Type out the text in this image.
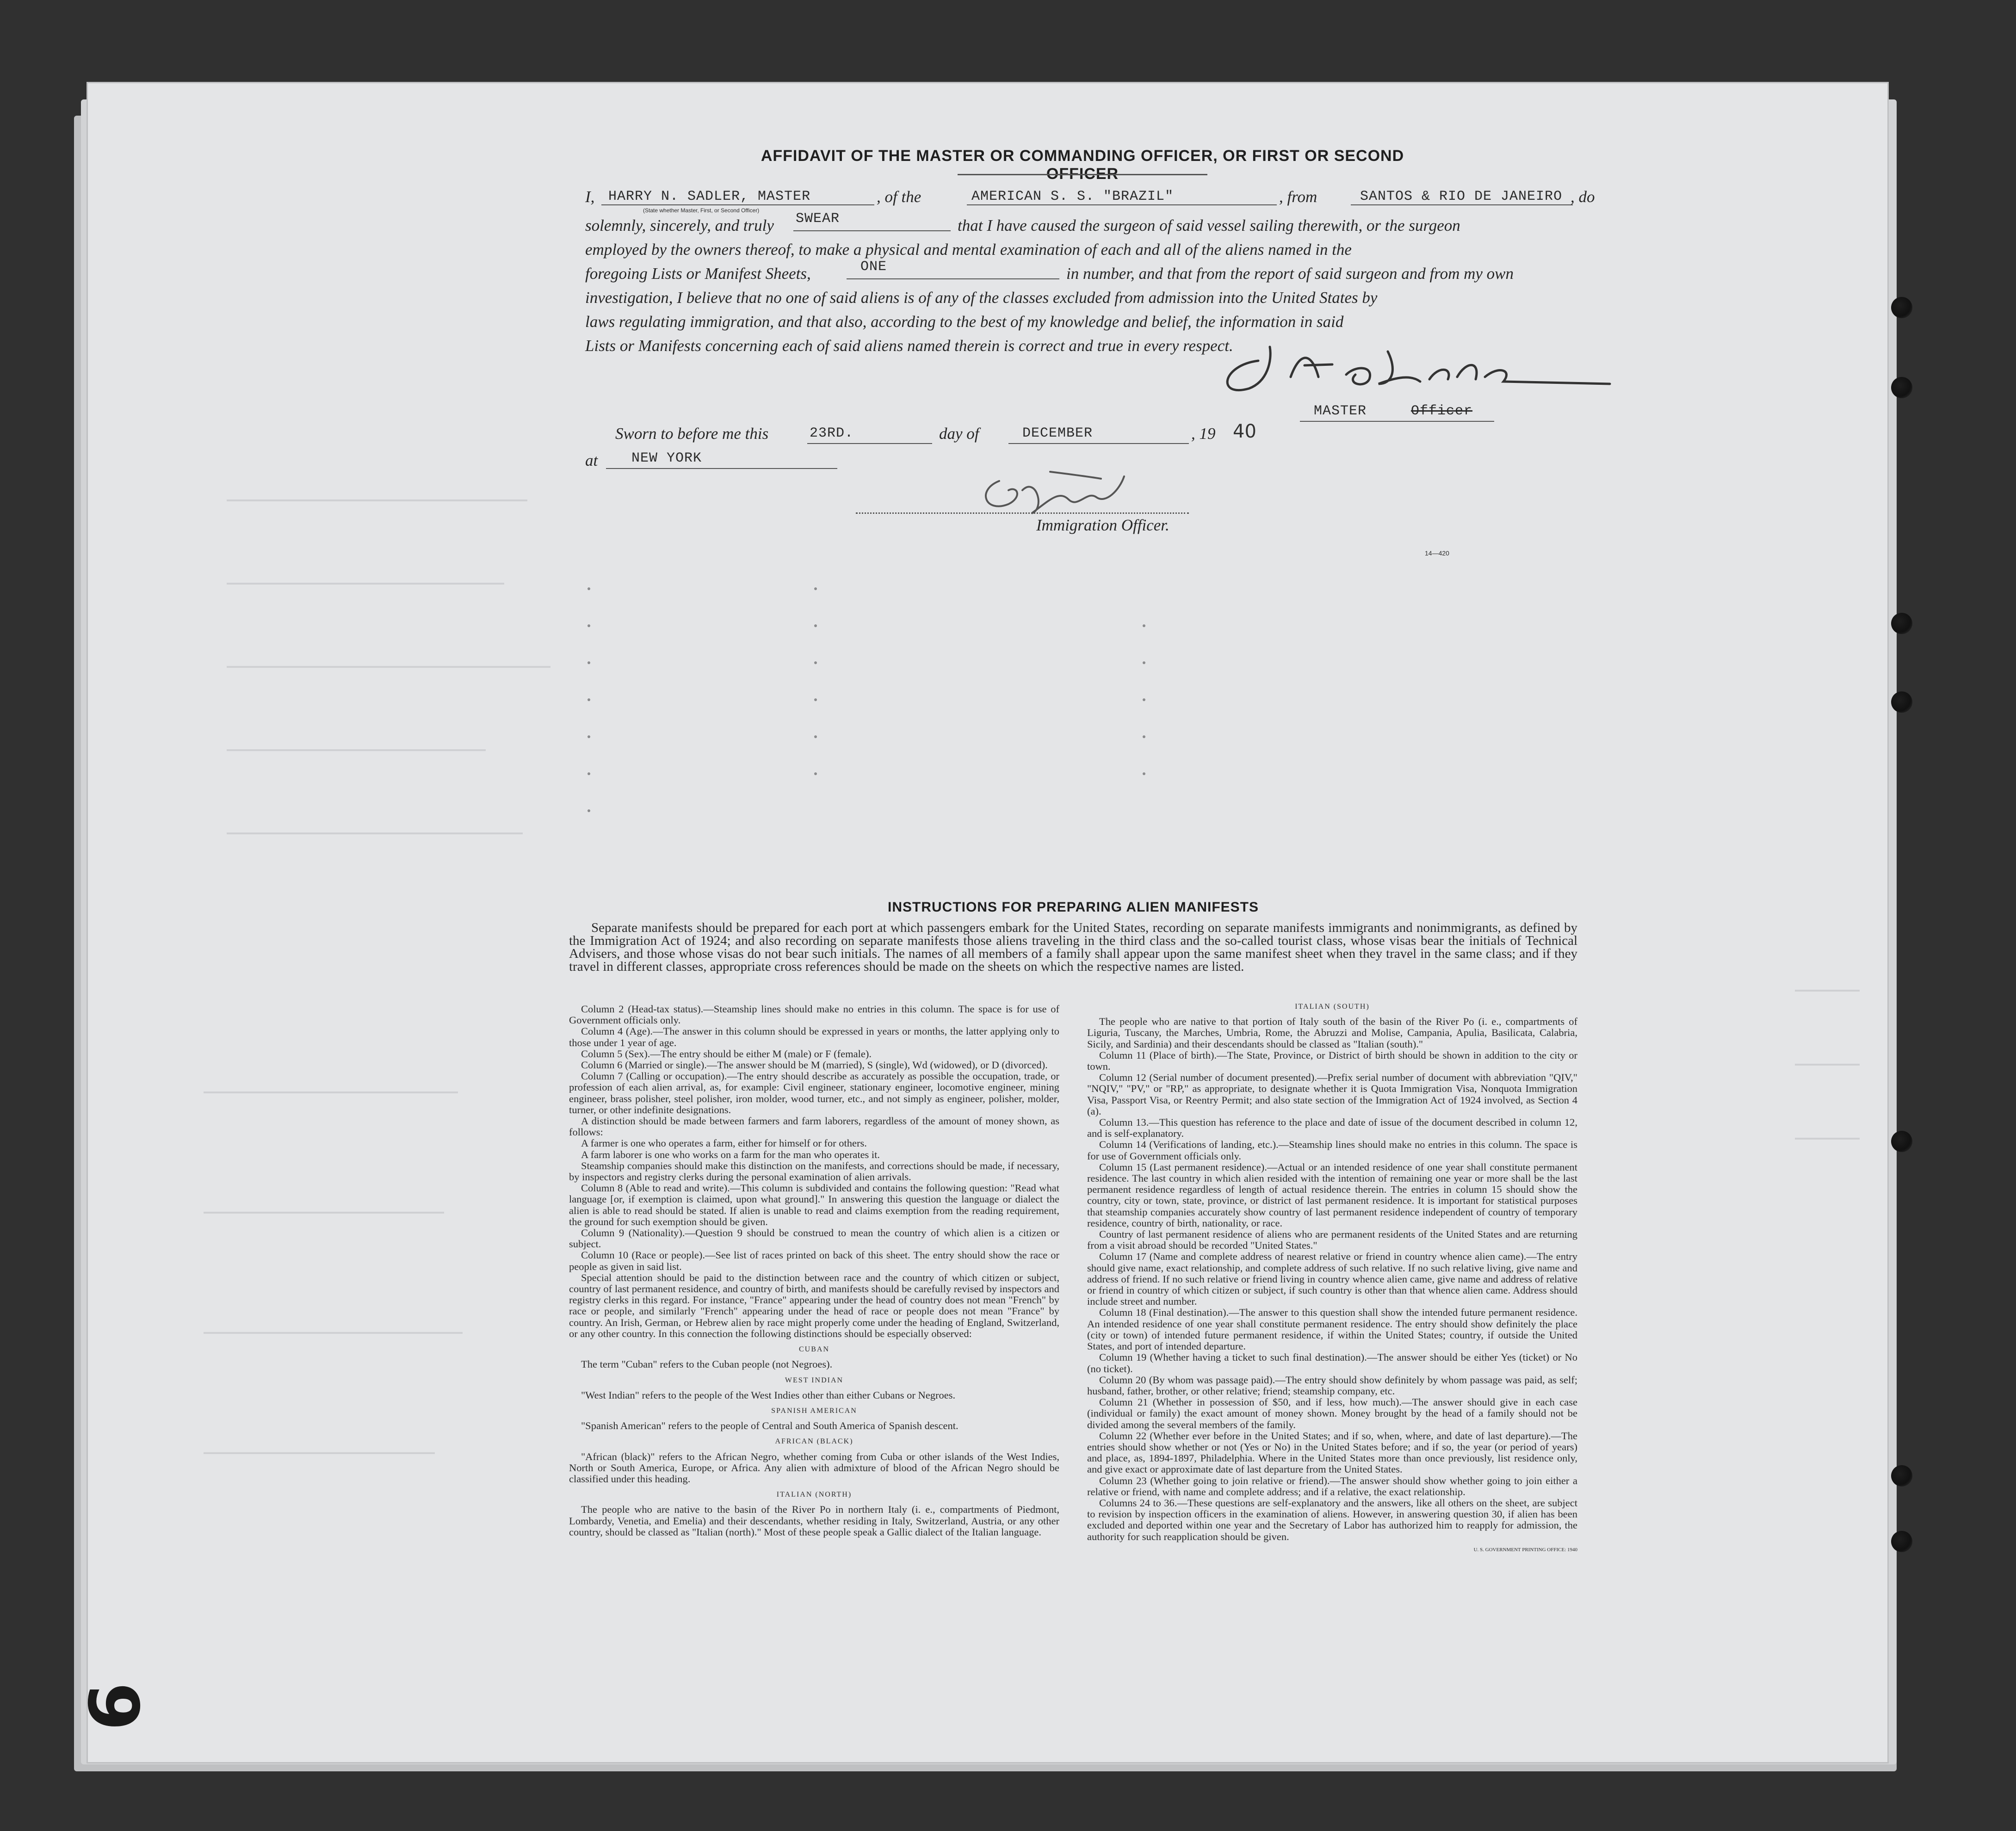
AFFIDAVIT OF THE MASTER OR COMMANDING OFFICER, OR FIRST OR SECOND OFFICER
I, HARRY N. SADLER, MASTER
(State whether Master, First, or Second Officer)
, of the	AMERICAN S. S. "BRAZIL"	, from	SANTOS & RIO DE JANEIRO , do
solemnly, sincerely, and truly SWEAR	that I have caused the surgeon of said vessel sailing therewith, or the surgeon
employed by the owners thereof, to make a physical and mental examination of each and all of the aliens named in the
foregoing Lists or Manifest Sheets,	ONE	in number, and that from the report of said surgeon and from my own
investigation, I believe that no one of said aliens is of any of the classes excluded from admission into the United States by
laws regulating immigration, and that also, according to the best of my knowledge and belief, the information in said
Lists or Manifests concerning each of said aliens named therein is correct and true in every respect.
MASTER	Officer
Sworn to before me this	23RD.	day of	DECEMBER	, 19 40
at NEW YORK
Immigration Officer.
14—420
INSTRUCTIONS FOR PREPARING ALIEN MANIFESTS

Separate manifests should be prepared for each port at which passengers embark for the United States, recording on separate manifests immigrants and nonimmigrants, as defined by the Immigration Act of 1924; and also recording on separate manifests those aliens traveling in the third class and the so-called tourist class, whose visas bear the initials of Technical Advisers, and those whose visas do not bear such initials. The names of all members of a family shall appear upon the same manifest sheet when they travel in the same class; and if they travel in different classes, appropriate cross references should be made on the sheets on which the respective names are listed.

Column 2 (Head-tax status).—Steamship lines should make no entries in this column. The space is for use of Government officials only.

Column 4 (Age).—The answer in this column should be expressed in years or months, the latter applying only to those under 1 year of age.

Column 5 (Sex).—The entry should be either M (male) or F (female).

Column 6 (Married or single).—The answer should be M (married), S (single), Wd (widowed), or D (divorced).

Column 7 (Calling or occupation).—The entry should describe as accurately as possible the occupation, trade, or profession of each alien arrival, as, for example: Civil engineer, stationary engineer, locomotive engineer, mining engineer, brass polisher, steel polisher, iron molder, wood turner, etc., and not simply as engineer, polisher, molder, turner, or other indefinite designations.

A distinction should be made between farmers and farm laborers, regardless of the amount of money shown, as follows:

A farmer is one who operates a farm, either for himself or for others.

A farm laborer is one who works on a farm for the man who operates it.

Steamship companies should make this distinction on the manifests, and corrections should be made, if necessary, by inspectors and registry clerks during the personal examination of alien arrivals.

Column 8 (Able to read and write).—This column is subdivided and contains the following question: "Read what language [or, if exemption is claimed, upon what ground]." In answering this question the language or dialect the alien is able to read should be stated. If alien is unable to read and claims exemption from the reading requirement, the ground for such exemption should be given.

Column 9 (Nationality).—Question 9 should be construed to mean the country of which alien is a citizen or subject.

Column 10 (Race or people).—See list of races printed on back of this sheet. The entry should show the race or people as given in said list.

Special attention should be paid to the distinction between race and the country of which citizen or subject, country of last permanent residence, and country of birth, and manifests should be carefully revised by inspectors and registry clerks in this regard. For instance, "France" appearing under the head of country does not mean "French" by race or people, and similarly "French" appearing under the head of race or people does not mean "France" by country. An Irish, German, or Hebrew alien by race might properly come under the heading of England, Switzerland, or any other country. In this connection the following distinctions should be especially observed:

CUBAN

The term "Cuban" refers to the Cuban people (not Negroes).

WEST INDIAN

"West Indian" refers to the people of the West Indies other than either Cubans or Negroes.

SPANISH AMERICAN

"Spanish American" refers to the people of Central and South America of Spanish descent.

AFRICAN (BLACK)

"African (black)" refers to the African Negro, whether coming from Cuba or other islands of the West Indies, North or South America, Europe, or Africa. Any alien with admixture of blood of the African Negro should be classified under this heading.

ITALIAN (NORTH)

The people who are native to the basin of the River Po in northern Italy (i. e., compartments of Piedmont, Lombardy, Venetia, and Emelia) and their descendants, whether residing in Italy, Switzerland, Austria, or any other country, should be classed as "Italian (north)." Most of these people speak a Gallic dialect of the Italian language.

ITALIAN (SOUTH)

The people who are native to that portion of Italy south of the basin of the River Po (i. e., compartments of Liguria, Tuscany, the Marches, Umbria, Rome, the Abruzzi and Molise, Campania, Apulia, Basilicata, Calabria, Sicily, and Sardinia) and their descendants should be classed as "Italian (south)."

Column 11 (Place of birth).—The State, Province, or District of birth should be shown in addition to the city or town.

Column 12 (Serial number of document presented).—Prefix serial number of document with abbreviation "QIV," "NQIV," "PV," or "RP," as appropriate, to designate whether it is Quota Immigration Visa, Nonquota Immigration Visa, Passport Visa, or Reentry Permit; and also state section of the Immigration Act of 1924 involved, as Section 4 (a).

Column 13.—This question has reference to the place and date of issue of the document described in column 12, and is self-explanatory.

Column 14 (Verifications of landing, etc.).—Steamship lines should make no entries in this column. The space is for use of Government officials only.

Column 15 (Last permanent residence).—Actual or an intended residence of one year shall constitute permanent residence. The last country in which alien resided with the intention of remaining one year or more shall be the last permanent residence regardless of length of actual residence therein. The entries in column 15 should show the country, city or town, state, province, or district of last permanent residence. It is important for statistical purposes that steamship companies accurately show country of last permanent residence independent of country of temporary residence, country of birth, nationality, or race.

Country of last permanent residence of aliens who are permanent residents of the United States and are returning from a visit abroad should be recorded "United States."

Column 17 (Name and complete address of nearest relative or friend in country whence alien came).—The entry should give name, exact relationship, and complete address of such relative. If no such relative living, give name and address of friend. If no such relative or friend living in country whence alien came, give name and address of relative or friend in country of which citizen or subject, if such country is other than that whence alien came. Address should include street and number.

Column 18 (Final destination).—The answer to this question shall show the intended future permanent residence. An intended residence of one year shall constitute permanent residence. The entry should show definitely the place (city or town) of intended future permanent residence, if within the United States; country, if outside the United States, and port of intended departure.

Column 19 (Whether having a ticket to such final destination).—The answer should be either Yes (ticket) or No (no ticket).

Column 20 (By whom was passage paid).—The entry should show definitely by whom passage was paid, as self; husband, father, brother, or other relative; friend; steamship company, etc.

Column 21 (Whether in possession of $50, and if less, how much).—The answer should give in each case (individual or family) the exact amount of money shown. Money brought by the head of a family should not be divided among the several members of the family.

Column 22 (Whether ever before in the United States; and if so, when, where, and date of last departure).—The entries should show whether or not (Yes or No) in the United States before; and if so, the year (or period of years) and place, as, 1894-1897, Philadelphia. Where in the United States more than once previously, list residence only, and give exact or approximate date of last departure from the United States.

Column 23 (Whether going to join relative or friend).—The answer should show whether going to join either a relative or friend, with name and complete address; and if a relative, the exact relationship.

Columns 24 to 36.—These questions are self-explanatory and the answers, like all others on the sheet, are subject to revision by inspection officers in the examination of aliens. However, in answering question 30, if alien has been excluded and deported within one year and the Secretary of Labor has authorized him to reapply for admission, the authority for such reapplication should be given.

U. S. GOVERNMENT PRINTING OFFICE: 1940

6
